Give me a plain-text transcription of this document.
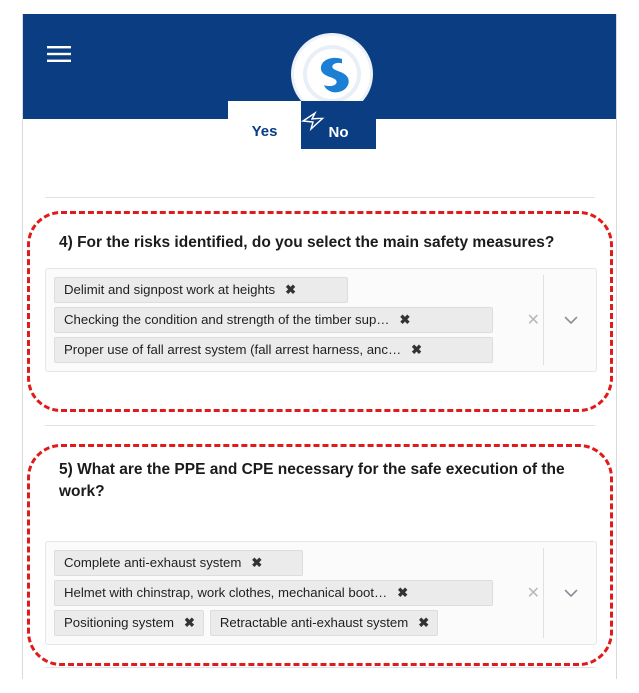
Yes	No
4) For the risks identified, do you select the main safety measures?
Delimit and signpost work at heights ✖
Checking the condition and strength of the timber sup… ✖
Proper use of fall arrest system (fall arrest harness, anc… ✖
✕
5) What are the PPE and CPE necessary for the safe execution of the work?
Complete anti-exhaust system ✖
Helmet with chinstrap, work clothes, mechanical boot… ✖
Positioning system ✖ Retractable anti-exhaust system ✖
✕
